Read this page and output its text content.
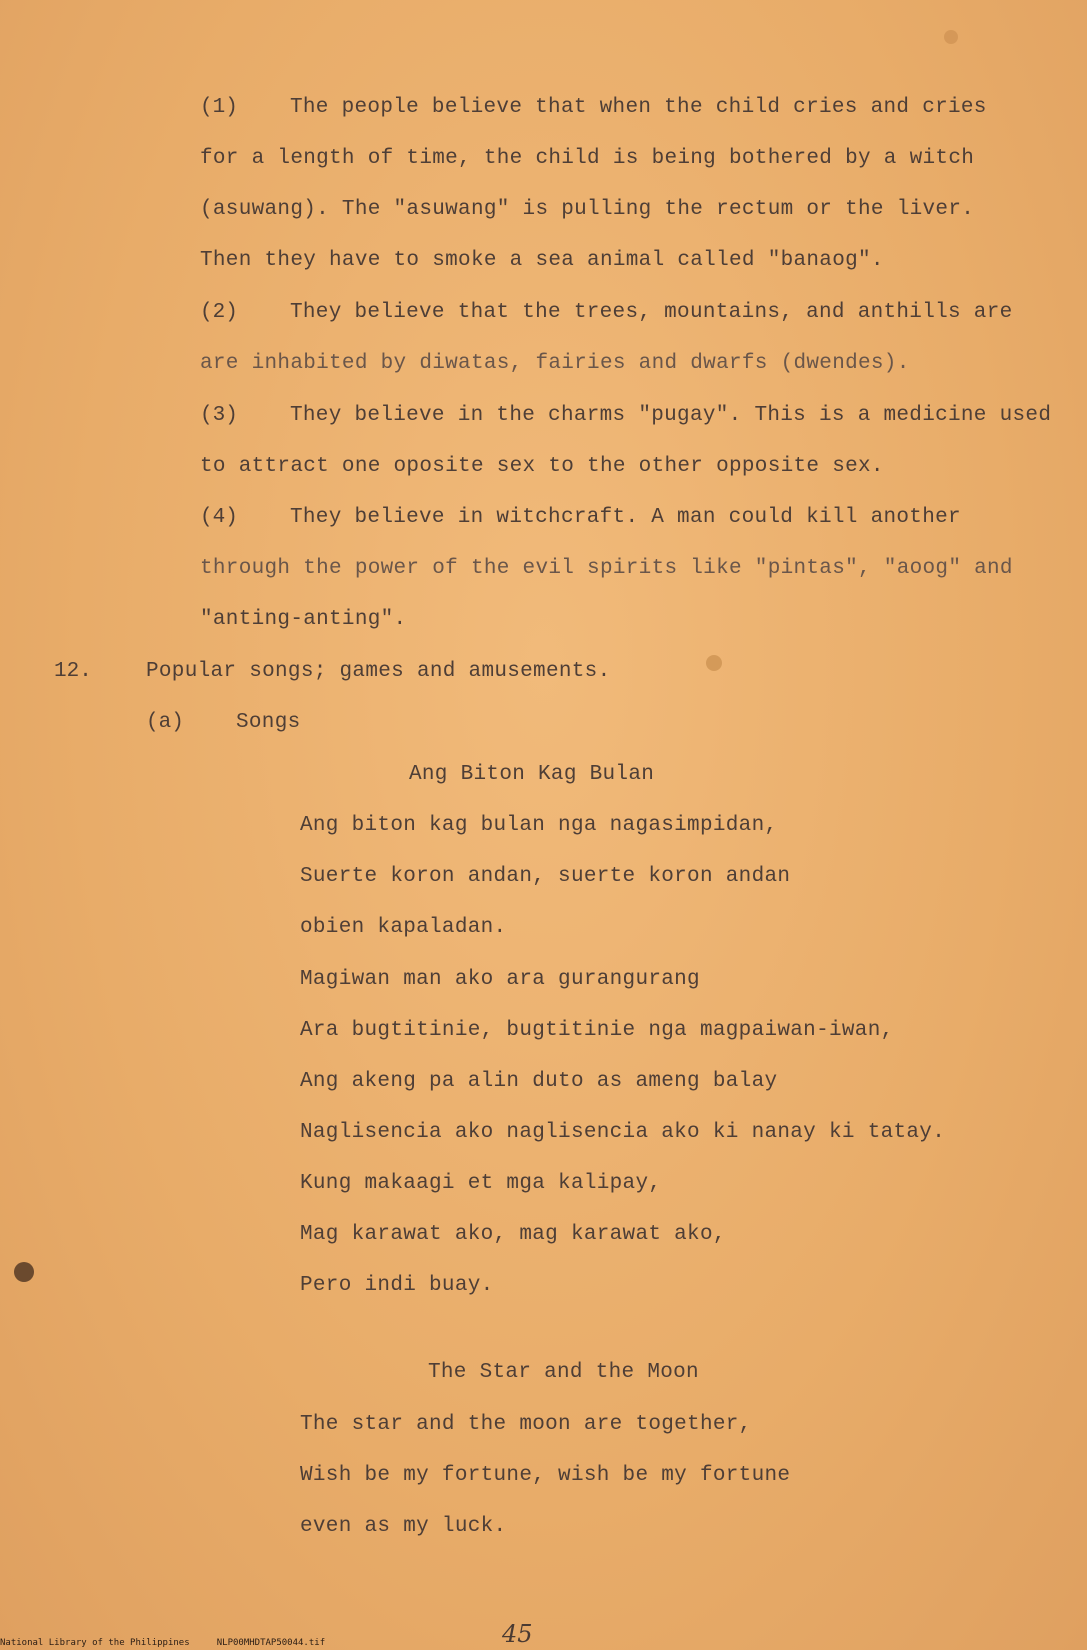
(1) The people believe that when the child cries and cries
for a length of time, the child is being bothered by a witch
(asuwang). The "asuwang" is pulling the rectum or the liver.
Then they have to smoke a sea animal called "banaog".
(2) They believe that the trees, mountains, and anthills are
are inhabited by diwatas, fairies and dwarfs (dwendes).
(3) They believe in the charms "pugay". This is a medicine used
to attract one oposite sex to the other opposite sex.
(4) They believe in witchcraft. A man could kill another
through the power of the evil spirits like "pintas", "aoog" and
"anting-anting".
12.	Popular songs; games and amusements.
(a) Songs
Ang Biton Kag Bulan
Ang biton kag bulan nga nagasimpidan,
Suerte koron andan, suerte koron andan
obien kapaladan.
Magiwan man ako ara gurangurang
Ara bugtitinie, bugtitinie nga magpaiwan-iwan,
Ang akeng pa alin duto as ameng balay
Naglisencia ako naglisencia ako ki nanay ki tatay.
Kung makaagi et mga kalipay,
Mag karawat ako, mag karawat ako,
Pero indi buay.
The Star and the Moon
The star and the moon are together,
Wish be my fortune, wish be my fortune
even as my luck.
45
National Library of the Philippines     NLP00MHDTAP50044.tif
